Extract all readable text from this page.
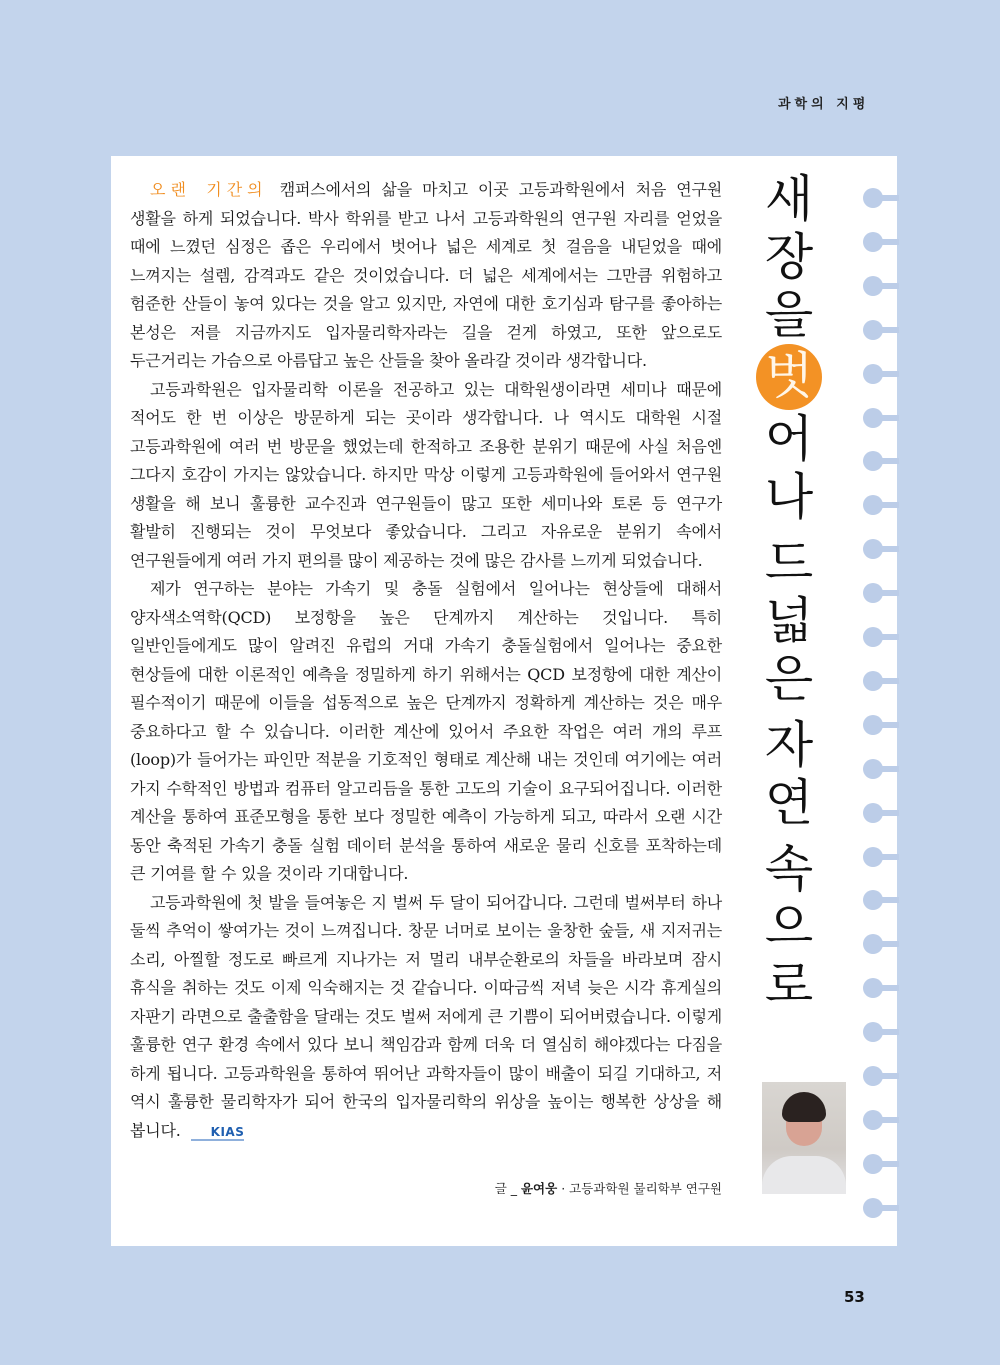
과학의 지평

오랜 기간의 캠퍼스에서의 삶을 마치고 이곳 고등과학원에서 처음 연구원 생활을 하게 되었습니다. 박사 학위를 받고 나서 고등과학원의 연구원 자리를 얻었을 때에 느꼈던 심정은 좁은 우리에서 벗어나 넓은 세계로 첫 걸음을 내딛었을 때에 느껴지는 설렘, 감격과도 같은 것이었습니다. 더 넓은 세계에서는 그만큼 위험하고 험준한 산들이 놓여 있다는 것을 알고 있지만, 자연에 대한 호기심과 탐구를 좋아하는 본성은 저를 지금까지도 입자물리학자라는 길을 걷게 하였고, 또한 앞으로도 두근거리는 가슴으로 아름답고 높은 산들을 찾아 올라갈 것이라 생각합니다.

고등과학원은 입자물리학 이론을 전공하고 있는 대학원생이라면 세미나 때문에 적어도 한 번 이상은 방문하게 되는 곳이라 생각합니다. 나 역시도 대학원 시절 고등과학원에 여러 번 방문을 했었는데 한적하고 조용한 분위기 때문에 사실 처음엔 그다지 호감이 가지는 않았습니다. 하지만 막상 이렇게 고등과학원에 들어와서 연구원 생활을 해 보니 훌륭한 교수진과 연구원들이 많고 또한 세미나와 토론 등 연구가 활발히 진행되는 것이 무엇보다 좋았습니다. 그리고 자유로운 분위기 속에서 연구원들에게 여러 가지 편의를 많이 제공하는 것에 많은 감사를 느끼게 되었습니다.

제가 연구하는 분야는 가속기 및 충돌 실험에서 일어나는 현상들에 대해서 양자색소역학(QCD) 보정항을 높은 단계까지 계산하는 것입니다. 특히 일반인들에게도 많이 알려진 유럽의 거대 가속기 충돌실험에서 일어나는 중요한 현상들에 대한 이론적인 예측을 정밀하게 하기 위해서는 QCD 보정항에 대한 계산이 필수적이기 때문에 이들을 섭동적으로 높은 단계까지 정확하게 계산하는 것은 매우 중요하다고 할 수 있습니다. 이러한 계산에 있어서 주요한 작업은 여러 개의 루프(loop)가 들어가는 파인만 적분을 기호적인 형태로 계산해 내는 것인데 여기에는 여러 가지 수학적인 방법과 컴퓨터 알고리듬을 통한 고도의 기술이 요구되어집니다. 이러한 계산을 통하여 표준모형을 통한 보다 정밀한 예측이 가능하게 되고, 따라서 오랜 시간 동안 축적된 가속기 충돌 실험 데이터 분석을 통하여 새로운 물리 신호를 포착하는데 큰 기여를 할 수 있을 것이라 기대합니다.

고등과학원에 첫 발을 들여놓은 지 벌써 두 달이 되어갑니다. 그런데 벌써부터 하나 둘씩 추억이 쌓여가는 것이 느껴집니다. 창문 너머로 보이는 울창한 숲들, 새 지저귀는 소리, 아찔할 정도로 빠르게 지나가는 저 멀리 내부순환로의 차들을 바라보며 잠시 휴식을 취하는 것도 이제 익숙해지는 것 같습니다. 이따금씩 저녁 늦은 시각 휴게실의 자판기 라면으로 출출함을 달래는 것도 벌써 저에게 큰 기쁨이 되어버렸습니다. 이렇게 훌륭한 연구 환경 속에서 있다 보니 책임감과 함께 더욱 더 열심히 해야겠다는 다짐을 하게 됩니다. 고등과학원을 통하여 뛰어난 과학자들이 많이 배출이 되길 기대하고, 저 역시 훌륭한 물리학자가 되어 한국의 입자물리학의 위상을 높이는 행복한 상상을 해 봅니다.	KIAS

새
장
을
벗
어
나
드
넓
은
자
연
속
으
로
글 _ 윤여웅 · 고등과학원 물리학부 연구원
53
